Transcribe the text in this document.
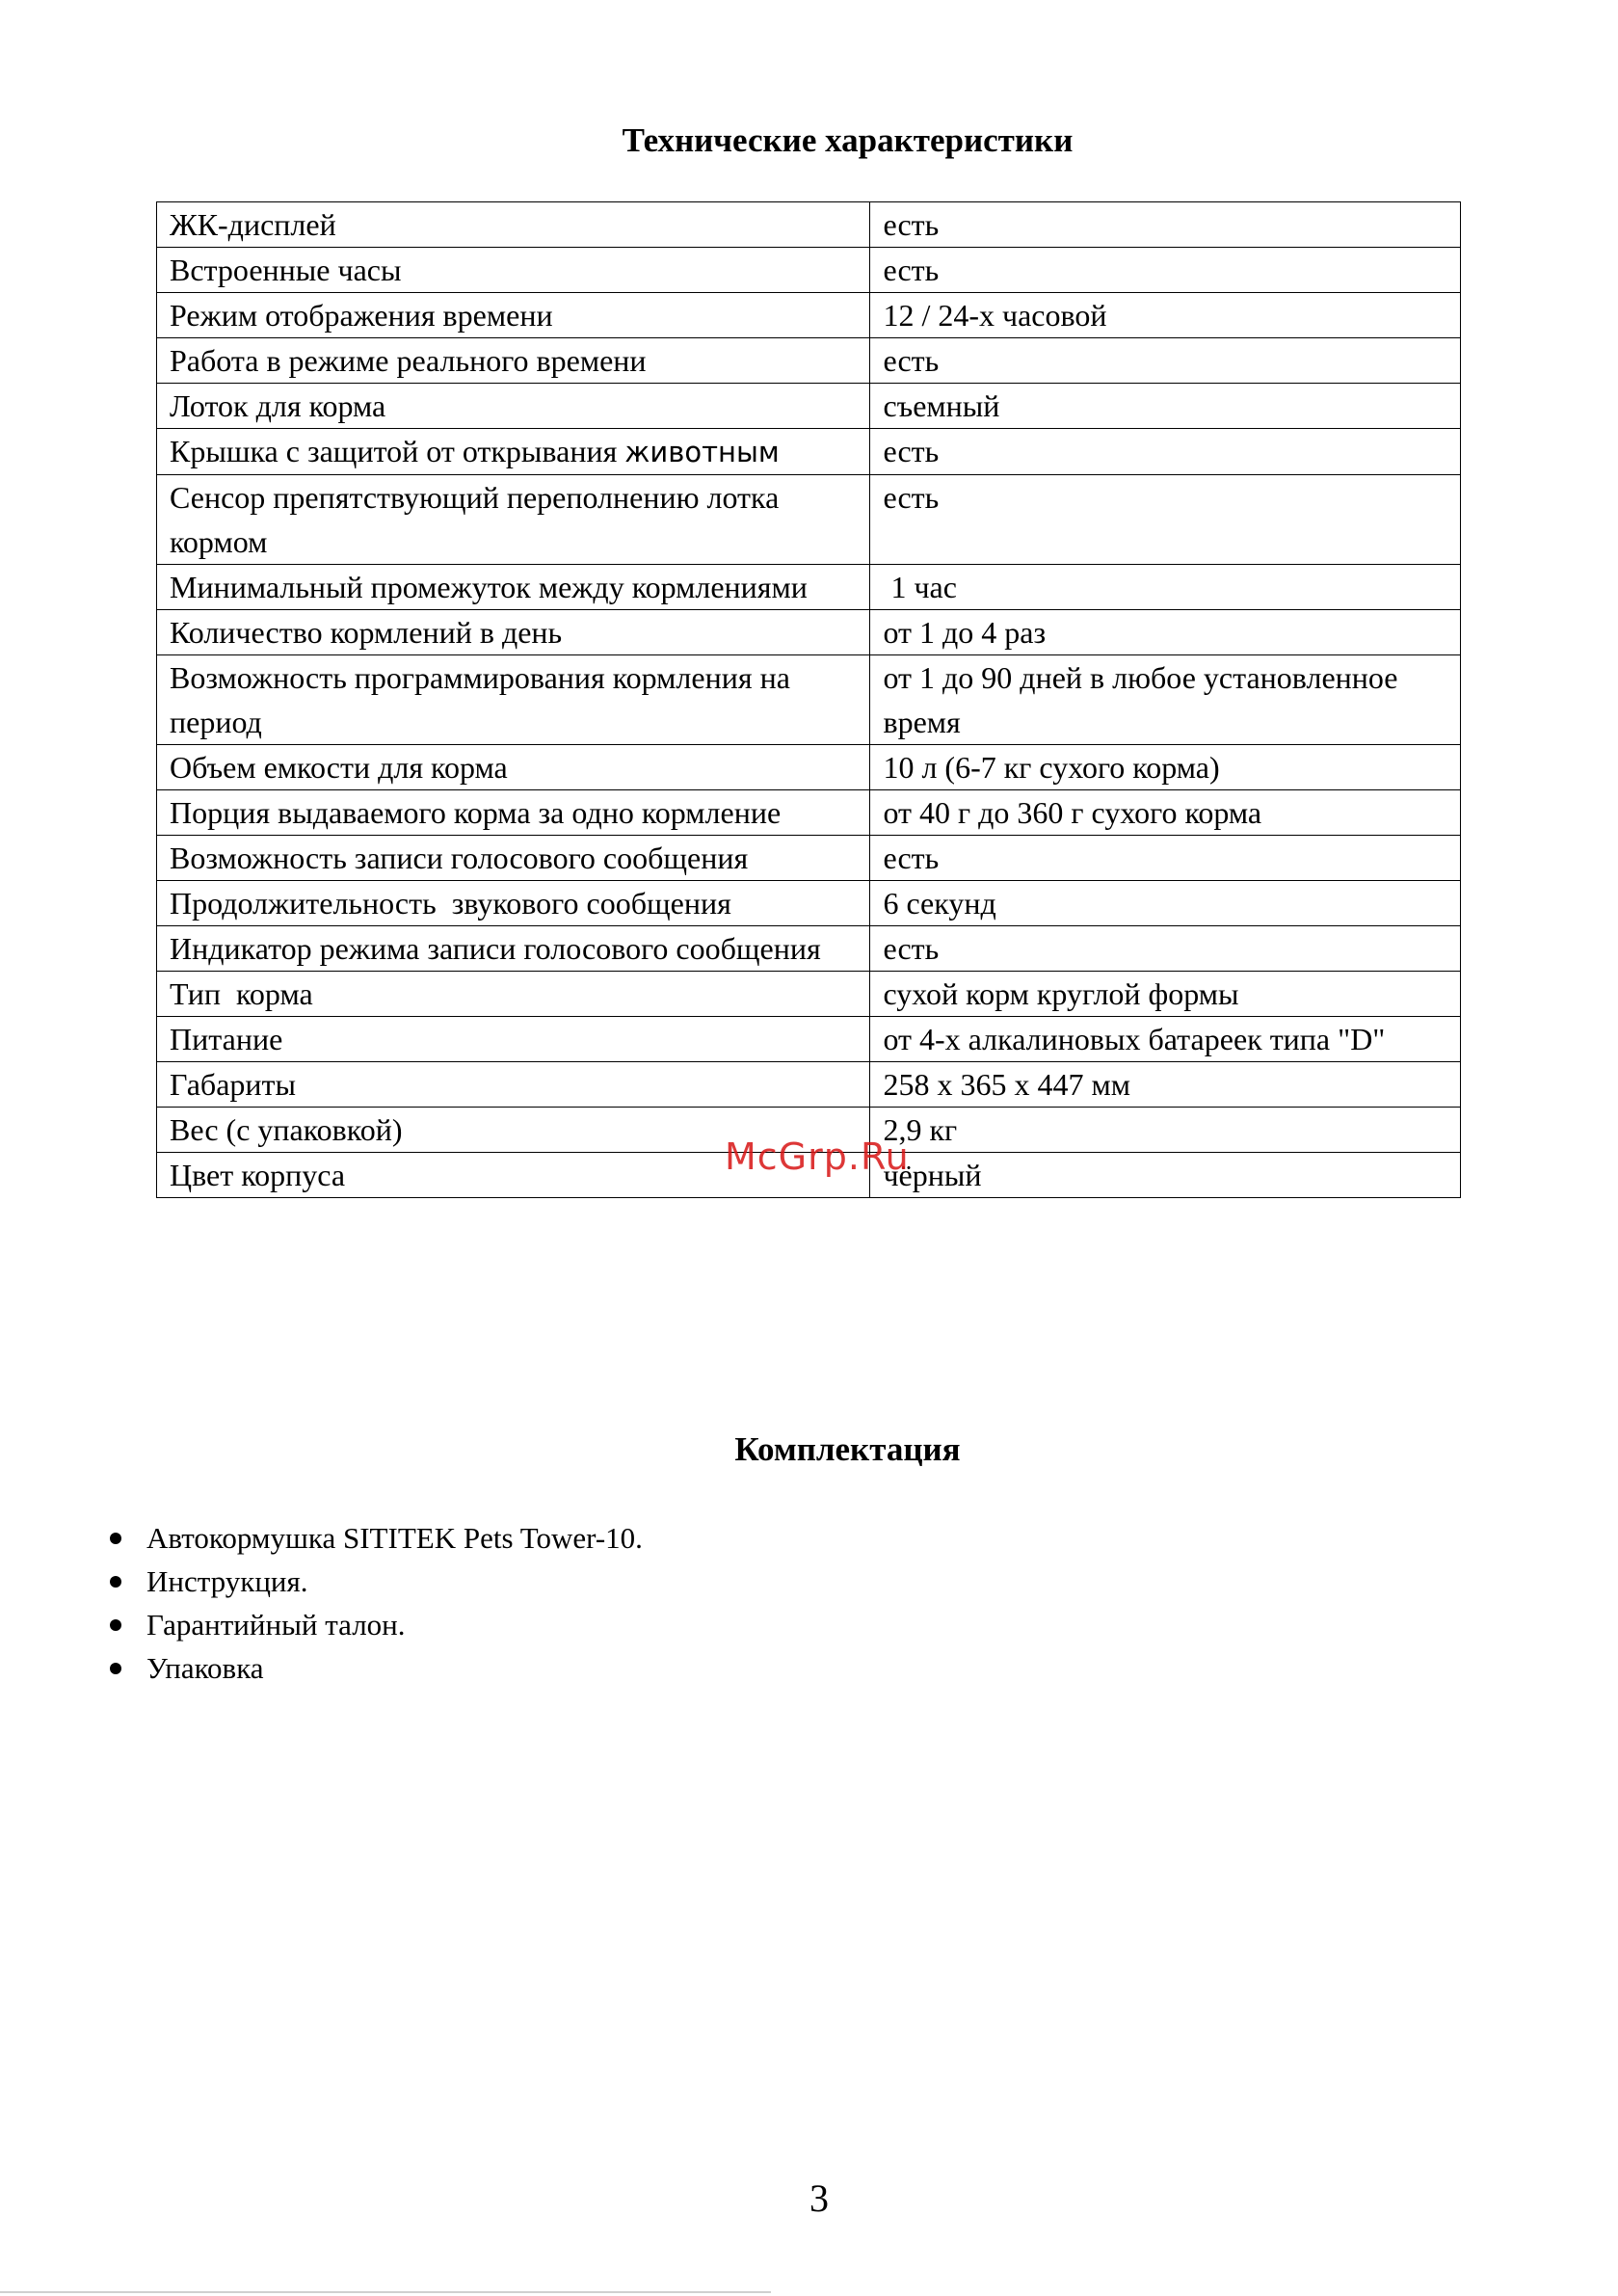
Технические характеристики
ЖК-дисплей	есть
Встроенные часы	есть
Режим отображения времени	12 / 24-х часовой
Работа в режиме реального времени	есть
Лоток для корма	съемный
Крышка с защитой от открывания животным	есть
Сенсор препятствующий переполнению лотка кормом	есть
Минимальный промежуток между кормлениями	1 час
Количество кормлений в день	от 1 до 4 раз
Возможность программирования кормления на период	от 1 до 90 дней в любое установленное время
Объем емкости для корма	10 л (6-7 кг сухого корма)
Порция выдаваемого корма за одно кормление	от 40 г до 360 г сухого корма
Возможность записи голосового сообщения	есть
Продолжительность  звукового сообщения	6 секунд
Индикатор режима записи голосового сообщения	есть
Тип  корма	сухой корм круглой формы
Питание	от 4-х алкалиновых батареек типа "D"
Габариты	258 х 365 х 447 мм
Вес (с упаковкой)	2,9 кг
Цвет корпуса	чёрный
McGrp.Ru
Комплектация
Автокормушка SITITEK Pets Tower-10.
Инструкция.
Гарантийный талон.
Упаковка
3
